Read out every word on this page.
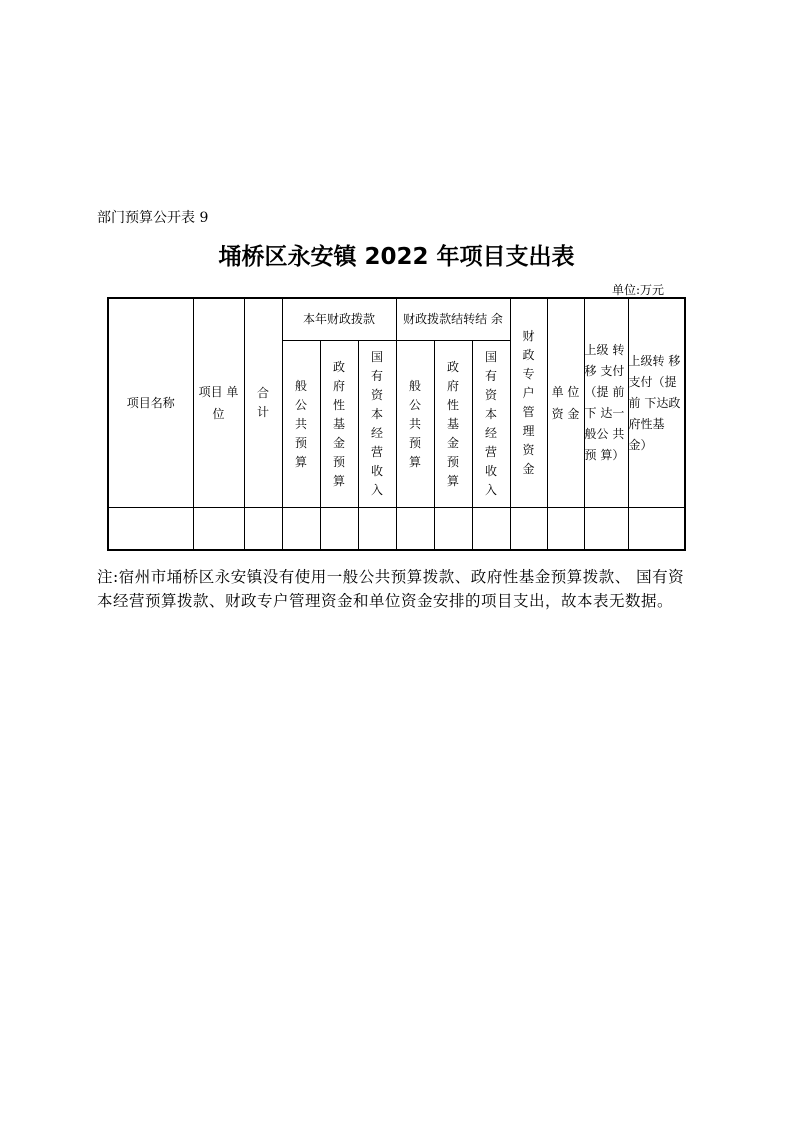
部门预算公开表 9
埇桥区永安镇 2022 年项目支出表
单位:万元
项目名称	项目 单位	合计	本年财政拨款			财政拨款结转结 余			财政专户管理资金	单 位资 金	上级 转移 支付（提 前下 达一般公 共预 算）	上级转 移支付（提前 下达政 府性基 金）
			般公共预算	政府性基金预算	国有资本经营收入	般公共预算	政府性基金预算	国有资本经营收入				

注:宿州市埇桥区永安镇没有使用一般公共预算拨款、政府性基金预算拨款、 国有资本经营预算拨款、财政专户管理资金和单位资金安排的项目支出，故本表无数据。
